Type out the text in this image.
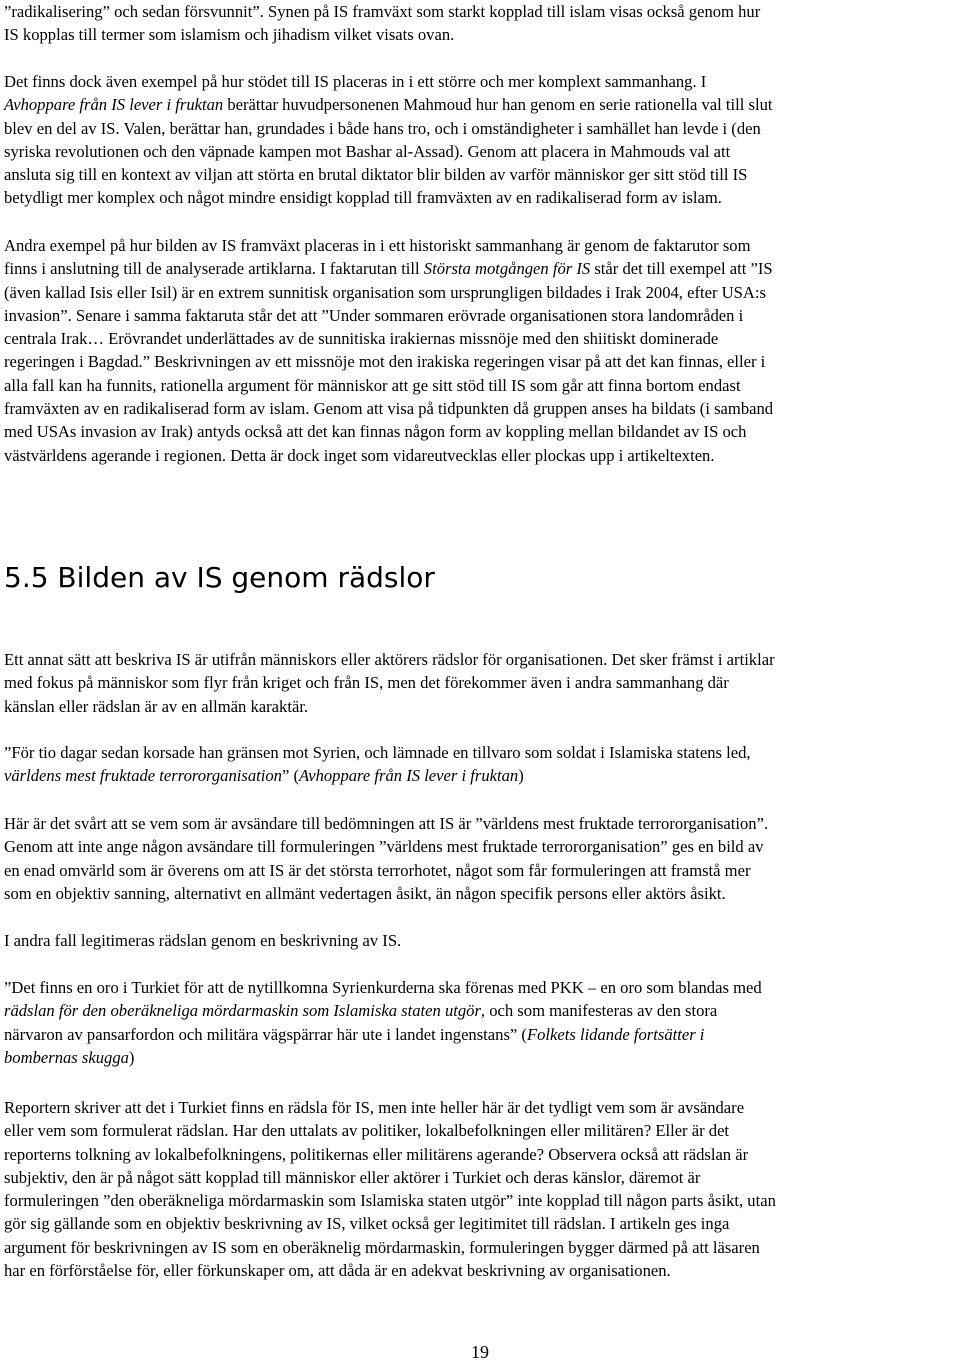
”radikalisering” och sedan försvunnit”. Synen på IS framväxt som starkt kopplad till islam visas också genom hur
IS kopplas till termer som islamism och jihadism vilket visats ovan.

Det finns dock även exempel på hur stödet till IS placeras in i ett större och mer komplext sammanhang. I
Avhoppare från IS lever i fruktan berättar huvudpersonenen Mahmoud hur han genom en serie rationella val till slut
blev en del av IS. Valen, berättar han, grundades i både hans tro, och i omständigheter i samhället han levde i (den
syriska revolutionen och den väpnade kampen mot Bashar al-Assad). Genom att placera in Mahmouds val att
ansluta sig till en kontext av viljan att störta en brutal diktator blir bilden av varför människor ger sitt stöd till IS
betydligt mer komplex och något mindre ensidigt kopplad till framväxten av en radikaliserad form av islam.

Andra exempel på hur bilden av IS framväxt placeras in i ett historiskt sammanhang är genom de faktarutor som
finns i anslutning till de analyserade artiklarna. I faktarutan till Största motgången för IS står det till exempel att ”IS
(även kallad Isis eller Isil) är en extrem sunnitisk organisation som ursprungligen bildades i Irak 2004, efter USA:s
invasion”. Senare i samma faktaruta står det att ”Under sommaren erövrade organisationen stora landområden i
centrala Irak… Erövrandet underlättades av de sunnitiska irakiernas missnöje med den shiitiskt dominerade
regeringen i Bagdad.” Beskrivningen av ett missnöje mot den irakiska regeringen visar på att det kan finnas, eller i
alla fall kan ha funnits, rationella argument för människor att ge sitt stöd till IS som går att finna bortom endast
framväxten av en radikaliserad form av islam. Genom att visa på tidpunkten då gruppen anses ha bildats (i samband
med USAs invasion av Irak) antyds också att det kan finnas någon form av koppling mellan bildandet av IS och
västvärldens agerande i regionen. Detta är dock inget som vidareutvecklas eller plockas upp i artikeltexten.

5.5 Bilden av IS genom rädslor

Ett annat sätt att beskriva IS är utifrån människors eller aktörers rädslor för organisationen. Det sker främst i artiklar
med fokus på människor som flyr från kriget och från IS, men det förekommer även i andra sammanhang där
känslan eller rädslan är av en allmän karaktär.

”För tio dagar sedan korsade han gränsen mot Syrien, och lämnade en tillvaro som soldat i Islamiska statens led,
världens mest fruktade terrororganisation” (Avhoppare från IS lever i fruktan)

Här är det svårt att se vem som är avsändare till bedömningen att IS är ”världens mest fruktade terrororganisation”.
Genom att inte ange någon avsändare till formuleringen ”världens mest fruktade terrororganisation” ges en bild av
en enad omvärld som är överens om att IS är det största terrorhotet, något som får formuleringen att framstå mer
som en objektiv sanning, alternativt en allmänt vedertagen åsikt, än någon specifik persons eller aktörs åsikt.

I andra fall legitimeras rädslan genom en beskrivning av IS.

”Det finns en oro i Turkiet för att de nytillkomna Syrienkurderna ska förenas med PKK – en oro som blandas med
rädslan för den oberäkneliga mördarmaskin som Islamiska staten utgör, och som manifesteras av den stora
närvaron av pansarfordon och militära vägspärrar här ute i landet ingenstans” (Folkets lidande fortsätter i
bombernas skugga)

Reportern skriver att det i Turkiet finns en rädsla för IS, men inte heller här är det tydligt vem som är avsändare
eller vem som formulerat rädslan. Har den uttalats av politiker, lokalbefolkningen eller militären? Eller är det
reporterns tolkning av lokalbefolkningens, politikernas eller militärens agerande? Observera också att rädslan är
subjektiv, den är på något sätt kopplad till människor eller aktörer i Turkiet och deras känslor, däremot är
formuleringen ”den oberäkneliga mördarmaskin som Islamiska staten utgör” inte kopplad till någon parts åsikt, utan
gör sig gällande som en objektiv beskrivning av IS, vilket också ger legitimitet till rädslan. I artikeln ges inga
argument för beskrivningen av IS som en oberäknelig mördarmaskin, formuleringen bygger därmed på att läsaren
har en förförståelse för, eller förkunskaper om, att dåda är en adekvat beskrivning av organisationen.

19
